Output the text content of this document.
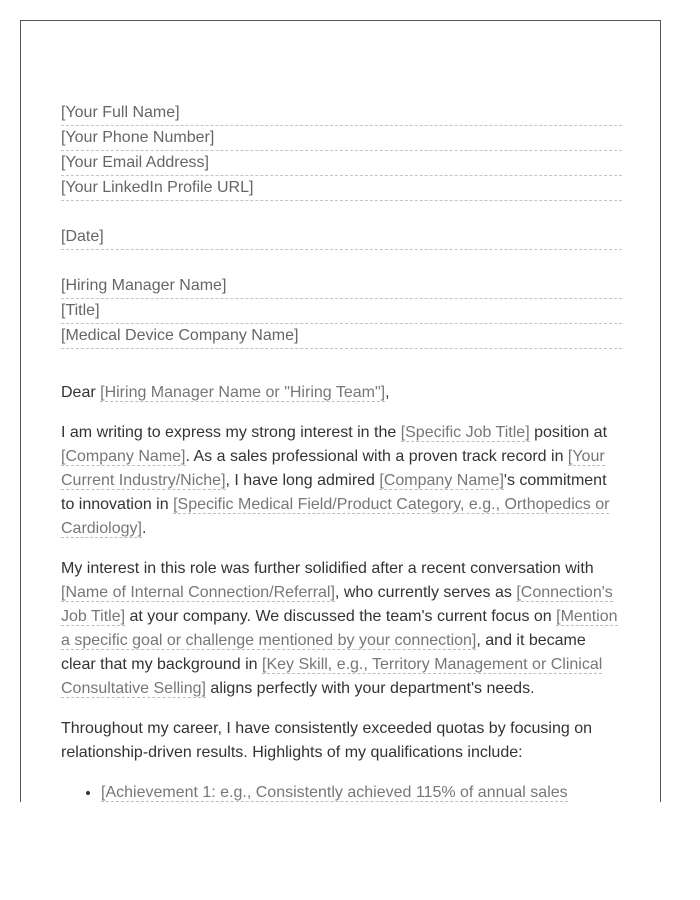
[Your Full Name]
[Your Phone Number]
[Your Email Address]
[Your LinkedIn Profile URL]
[Date]
[Hiring Manager Name]
[Title]
[Medical Device Company Name]

Dear [Hiring Manager Name or "Hiring Team"],

I am writing to express my strong interest in the [Specific Job Title] position at [Company Name]. As a sales professional with a proven track record in [Your Current Industry/Niche], I have long admired [Company Name]'s commitment to innovation in [Specific Medical Field/Product Category, e.g., Orthopedics or Cardiology].

My interest in this role was further solidified after a recent conversation with [Name of Internal Connection/Referral], who currently serves as [Connection's Job Title] at your company. We discussed the team's current focus on [Mention a specific goal or challenge mentioned by your connection], and it became clear that my background in [Key Skill, e.g., Territory Management or Clinical Consultative Selling] aligns perfectly with your department's needs.

Throughout my career, I have consistently exceeded quotas by focusing on relationship-driven results. Highlights of my qualifications include:

• [Achievement 1: e.g., Consistently achieved 115% of annual sales
